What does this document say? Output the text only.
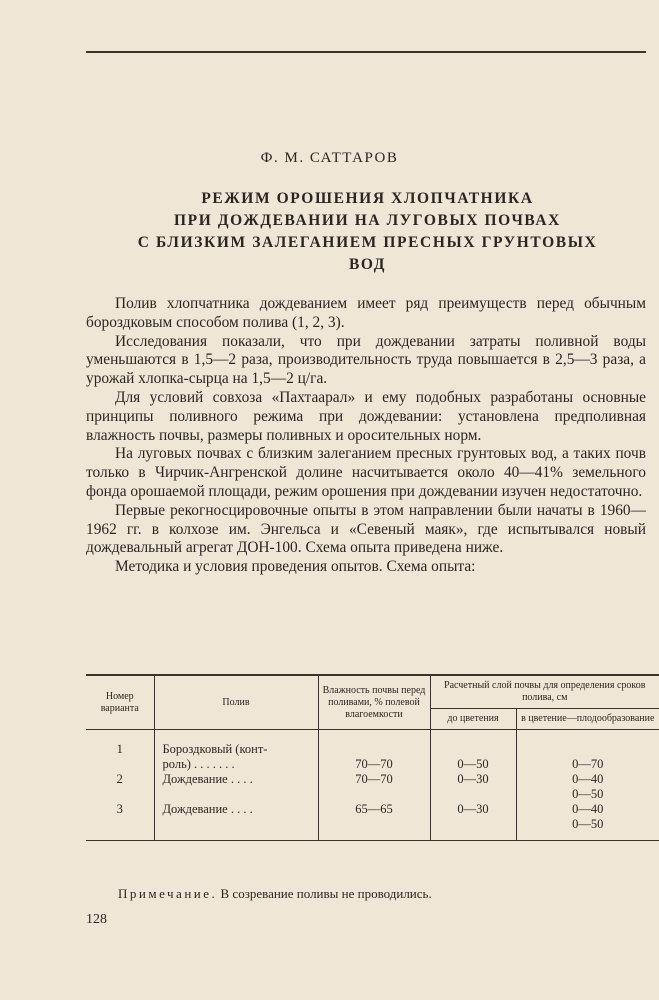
Ф. М. САТТАРОВ
РЕЖИМ ОРОШЕНИЯ ХЛОПЧАТНИКА
ПРИ ДОЖДЕВАНИИ НА ЛУГОВЫХ ПОЧВАХ
С БЛИЗКИМ ЗАЛЕГАНИЕМ ПРЕСНЫХ ГРУНТОВЫХ
ВОД

Полив хлопчатника дождеванием имеет ряд преимуществ перед обычным бороздковым способом полива (1, 2, 3).

Исследования показали, что при дождевании затраты поливной воды уменьшаются в 1,5—2 раза, производительность труда повышается в 2,5—3 раза, а урожай хлопка-сырца на 1,5—2 ц/га.

Для условий совхоза «Пахтаарал» и ему подобных разработаны основные принципы поливного режима при дождевании: установлена предполивная влажность почвы, размеры поливных и оросительных норм.

На луговых почвах с близким залеганием пресных грунтовых вод, а таких почв только в Чирчик-Ангренской долине насчитывается около 40—41% земельного фонда орошаемой площади, режим орошения при дождевании изучен недостаточно.

Первые рекогносцировочные опыты в этом направлении были начаты в 1960—1962 гг. в колхозе им. Энгельса и «Севеный маяк», где испытывался новый дождевальный агрегат ДОН-100. Схема опыта приведена ниже.

Методика и условия проведения опытов. Схема опыта:

Номер варианта	Полив	Влажность почвы перед поливами, % полевой влагоемкости	Расчетный слой почвы для определения сроков полива, см	
			до цветения	в цветение—плодообразование
1	Бороздковый (конт-
роль) . . . . . . .	70—70	0—50	0—70

2	Дождевание . . . .	70—70	0—30	0—40
0—50

3	Дождевание . . . .	65—65	0—30	0—40
0—50
Примечание. В созревание поливы не проводились.
128
